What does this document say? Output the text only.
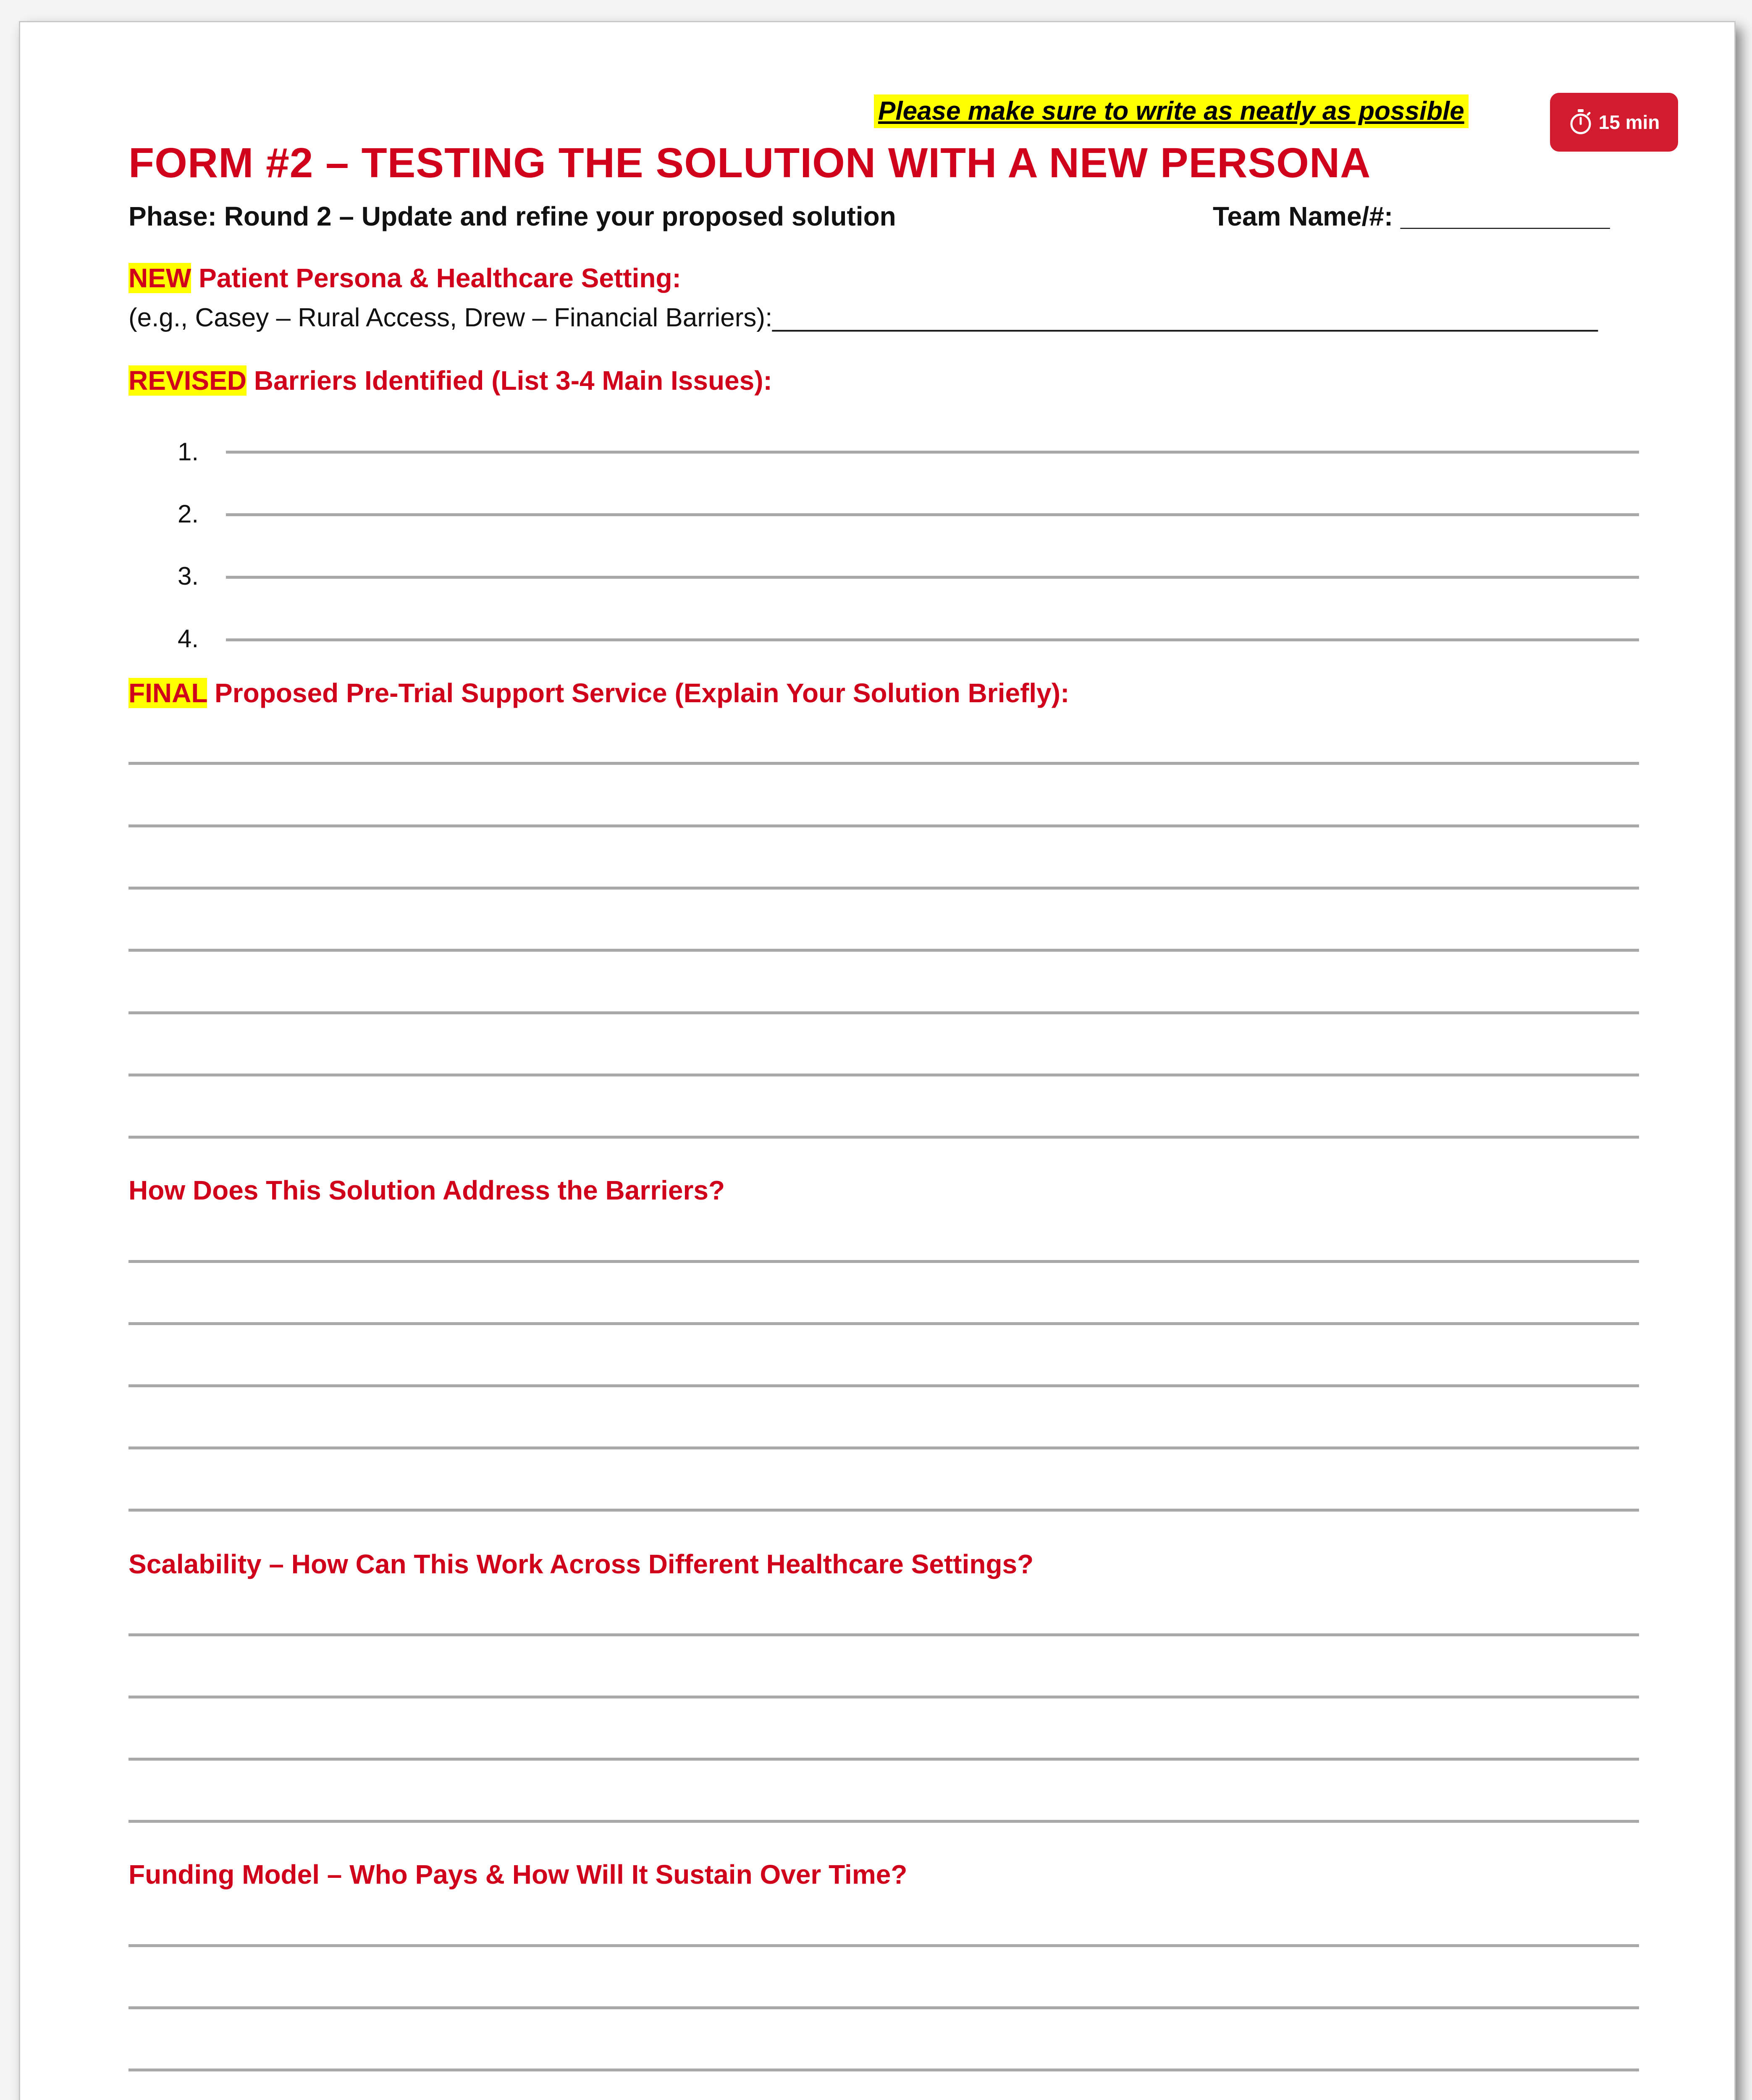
Please make sure to write as neatly as possible	15 min
FORM #2 – TESTING THE SOLUTION WITH A NEW PERSONA
Phase: Round 2 – Update and refine your proposed solution	Team Name/#: ______________
NEW Patient Persona & Healthcare Setting:
(e.g., Casey – Rural Access, Drew – Financial Barriers):_________________________________________________________
REVISED Barriers Identified (List 3-4 Main Issues):
1.
2.
3.
4.
FINAL Proposed Pre-Trial Support Service (Explain Your Solution Briefly):
How Does This Solution Address the Barriers?
Scalability – How Can This Work Across Different Healthcare Settings?
Funding Model – Who Pays & How Will It Sustain Over Time?
